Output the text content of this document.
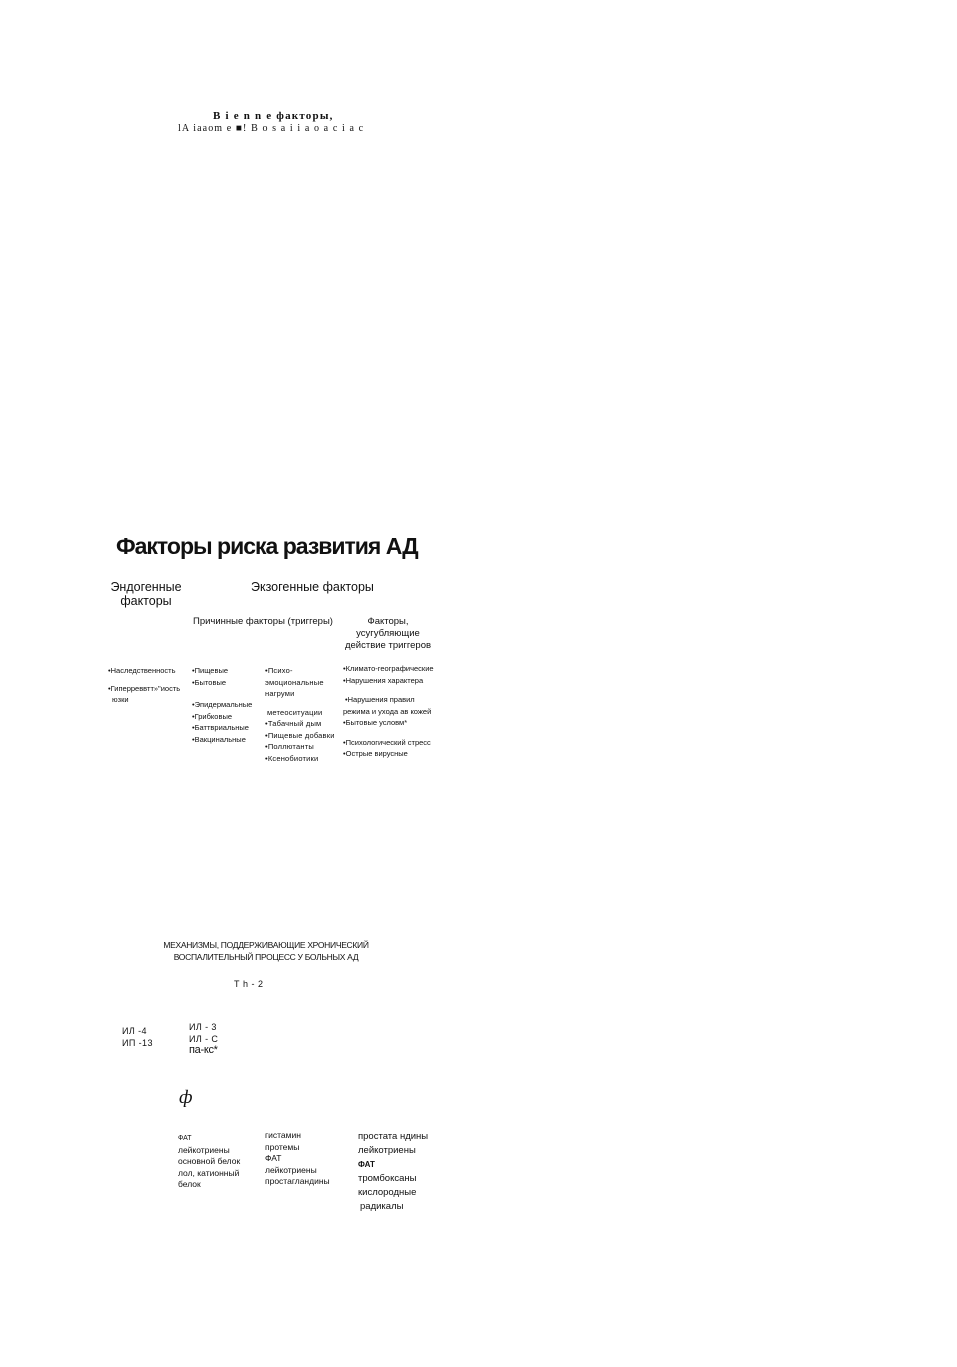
B i e n n e факторы,
lA iaaom e ■! B o s a i i a o a c i a c
Факторы риска развития АД
Эндогенные
факторы
Экзогенные факторы
Причинные факторы (триггеры)	Факторы,
усугубляющие
действие триггеров
•Наследственность
•Гиперреввтт»"иость
юзки
•Пищевые
•Бытовые
•Эпидермальные
•Грибковые
•Баттвриальные
•Вакцинальные
•Психо-
эмоциональные
нагруми
метеоситуации
•Табачный дым
•Пищевые добавки
•Поллютанты
•Ксенобиотики
•Климато-географические
•Нарушения характера
•Нарушения правил
режима и ухода ав кожей
•Бытовые условм*
•Психологический стресс
•Острые вирусные
МЕХАНИЗМЫ, ПОДДЕРЖИВАЮЩИЕ ХРОНИЧЕСКИЙ
ВОСПАЛИТЕЛЬНЫЙ ПРОЦЕСС У БОЛЬНЫХ АД
Т h - 2
ИЛ -4
ИП -13
ИЛ - 3
ИЛ - С
па-кс*
ф
ФАТ
лейкотриены
основной белок
лол, катионный
белок
гистамин
протемы
ФАТ
лейкотриены
простагландины
простата ндины
лейкотриены
ФАТ
тромбоксаны
кислородные
радикалы
